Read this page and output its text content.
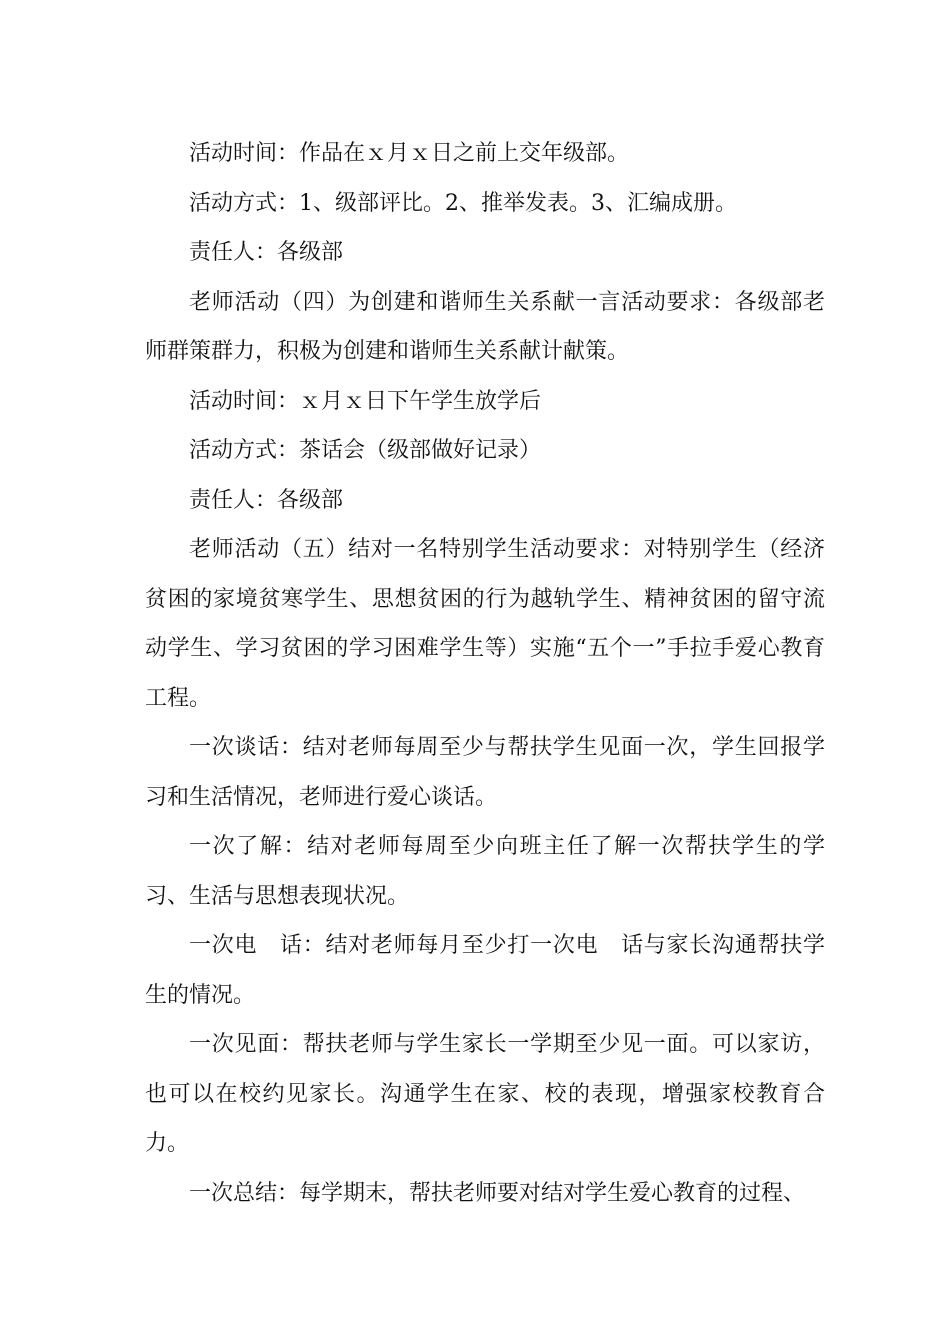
活动时间：作品在ｘ月ｘ日之前上交年级部。

活动方式：1、级部评比。2、推举发表。3、汇编成册。

责任人：各级部

老师活动（四）为创建和谐师生关系献一言活动要求：各级部老师群策群力，积极为创建和谐师生关系献计献策。

活动时间：ｘ月ｘ日下午学生放学后

活动方式：茶话会（级部做好记录）

责任人：各级部

老师活动（五）结对一名特别学生活动要求：对特别学生（经济贫困的家境贫寒学生、思想贫困的行为越轨学生、精神贫困的留守流动学生、学习贫困的学习困难学生等）实施“五个一”手拉手爱心教育工程。

一次谈话：结对老师每周至少与帮扶学生见面一次，学生回报学习和生活情况，老师进行爱心谈话。

一次了解：结对老师每周至少向班主任了解一次帮扶学生的学习、生活与思想表现状况。

一次电　话：结对老师每月至少打一次电　话与家长沟通帮扶学生的情况。

一次见面：帮扶老师与学生家长一学期至少见一面。可以家访，也可以在校约见家长。沟通学生在家、校的表现，增强家校教育合力。

一次总结：每学期末，帮扶老师要对结对学生爱心教育的过程、
